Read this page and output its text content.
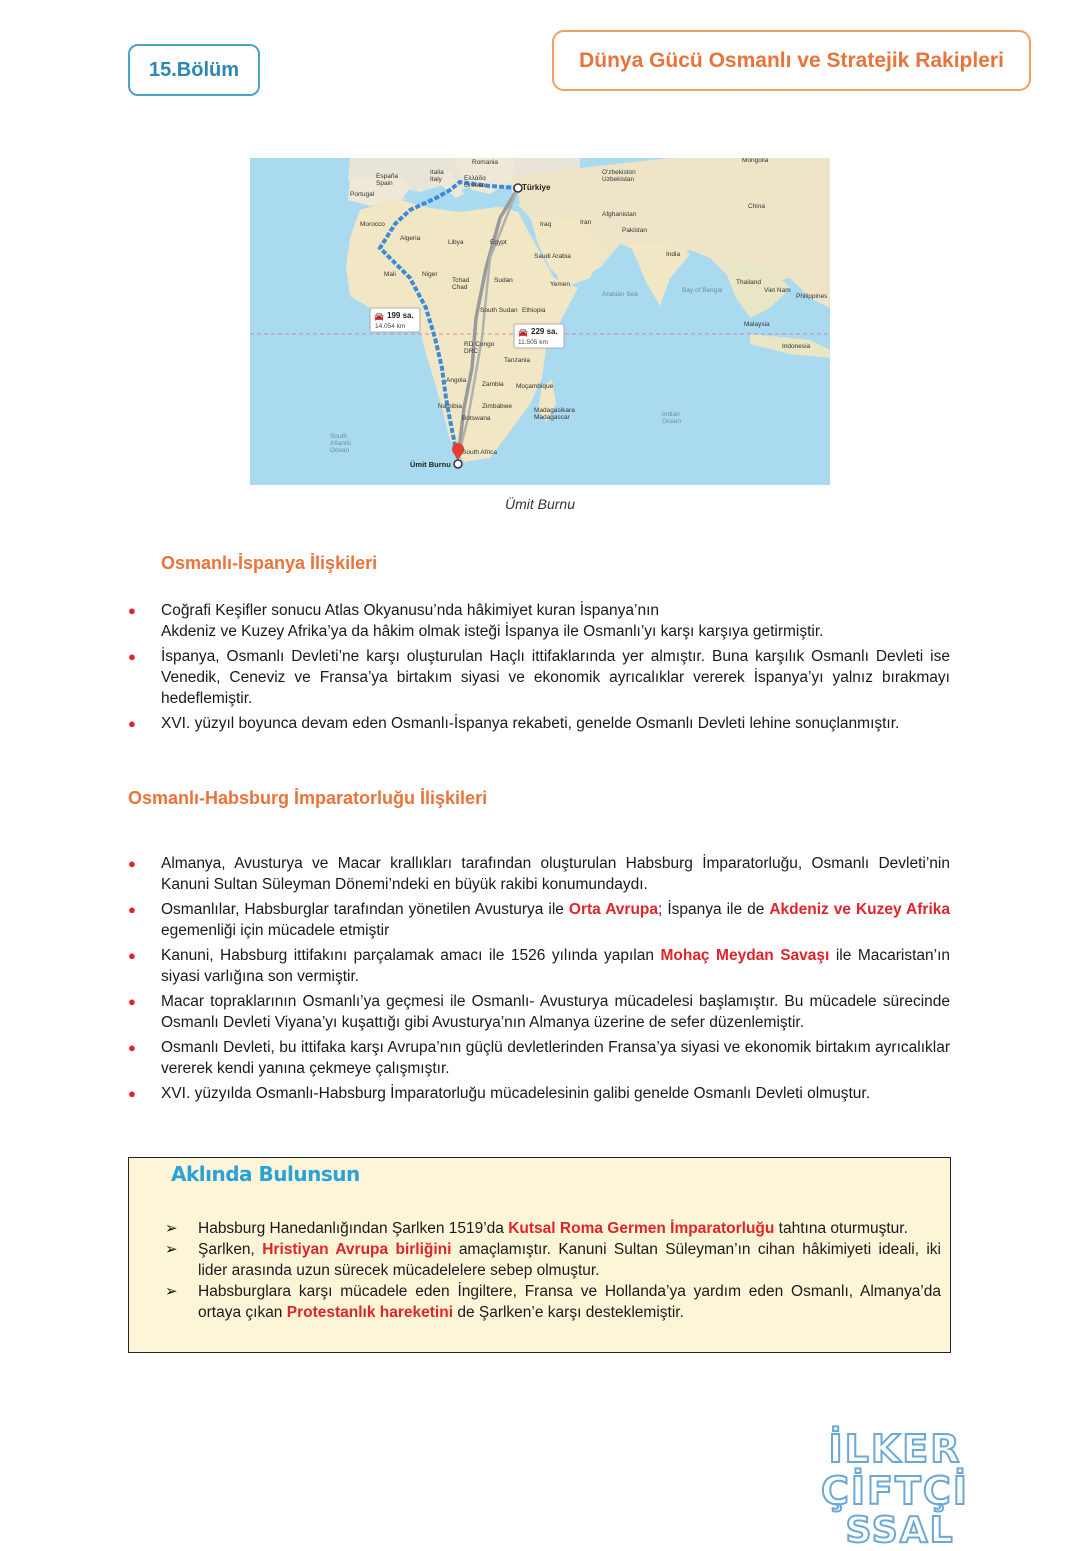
15.Bölüm	Dünya Gücü Osmanlı ve Stratejik Rakipleri
199 sa.
14.054 km
🚘
229 sa.
11.505 km
🚘
Türkiye
Ümit Burnu
Romania
Italia Italy
España Spain
Portugal
Ελλάδα Greece
Morocco
Algeria
Libya	Egypt
Mali	Niger
Tchad Chad
Sudan
Saudi Arabia
Iraq	Iran
Afghanistan
Pakistan
India
China
Mongolia
O'zbekiston Uzbekistan
Yemen
Ethiopia
South Sudan
RD Congo DRC
Tanzania
Zambia Moçambique
Zimbabwe
Botswana
Madagasikara Madagascar
South Africa
Angola
Namibia
Thailand
Viet Nam
Malaysia
Indonesia
Philippines
South Atlantic Ocean
Indian Ocean
Arabian Sea
Bay of Bengal
Ümit Burnu
Osmanlı-İspanya İlişkileri
● Coğrafi Keşifler sonucu Atlas Okyanusu’nda hâkimiyet kuran İspanya’nın
Akdeniz ve Kuzey Afrika’ya da hâkim olmak isteği İspanya ile Osmanlı’yı karşı karşıya getirmiştir.
● İspanya, Osmanlı Devleti’ne karşı oluşturulan Haçlı ittifaklarında yer almıştır. Buna karşılık Osmanlı Devleti ise Venedik, Ceneviz ve Fransa’ya birtakım siyasi ve ekonomik ayrıcalıklar vererek İspanya’yı yalnız bırakmayı hedeflemiştir.
● XVI. yüzyıl boyunca devam eden Osmanlı-İspanya rekabeti, genelde Osmanlı Devleti lehine sonuçlanmıştır.
Osmanlı-Habsburg İmparatorluğu İlişkileri
● Almanya, Avusturya ve Macar krallıkları tarafından oluşturulan Habsburg İmparatorluğu, Osmanlı Devleti’nin Kanuni Sultan Süleyman Dönemi’ndeki en büyük rakibi konumundaydı.
● Osmanlılar, Habsburglar tarafından yönetilen Avusturya ile Orta Avrupa; İspanya ile de Akdeniz ve Kuzey Afrika egemenliği için mücadele etmiştir
● Kanuni, Habsburg ittifakını parçalamak amacı ile 1526 yılında yapılan Mohaç Meydan Savaşı ile Macaristan’ın siyasi varlığına son vermiştir.
● Macar topraklarının Osmanlı’ya geçmesi ile Osmanlı- Avusturya mücadelesi başlamıştır. Bu mücadele sürecinde Osmanlı Devleti Viyana’yı kuşattığı gibi Avusturya’nın Almanya üzerine de sefer düzenlemiştir.
● Osmanlı Devleti, bu ittifaka karşı Avrupa’nın güçlü devletlerinden Fransa’ya siyasi ve ekonomik birtakım ayrıcalıklar vererek kendi yanına çekmeye çalışmıştır.
● XVI. yüzyılda Osmanlı-Habsburg İmparatorluğu mücadelesinin galibi genelde Osmanlı Devleti olmuştur.
Aklında Bulunsun
➢ Habsburg Hanedanlığından Şarlken 1519’da Kutsal Roma Germen İmparatorluğu tahtına oturmuştur.
➢ Şarlken, Hristiyan Avrupa birliğini amaçlamıştır. Kanuni Sultan Süleyman’ın cihan hâkimiyeti ideali, iki lider arasında uzun sürecek mücadelelere sebep olmuştur.
➢ Habsburglara karşı mücadele eden İngiltere, Fransa ve Hollanda’ya yardım eden Osmanlı, Almanya’da ortaya çıkan Protestanlık hareketini de Şarlken’e karşı desteklemiştir.
İLKER ÇİFTÇİ
SSAL
